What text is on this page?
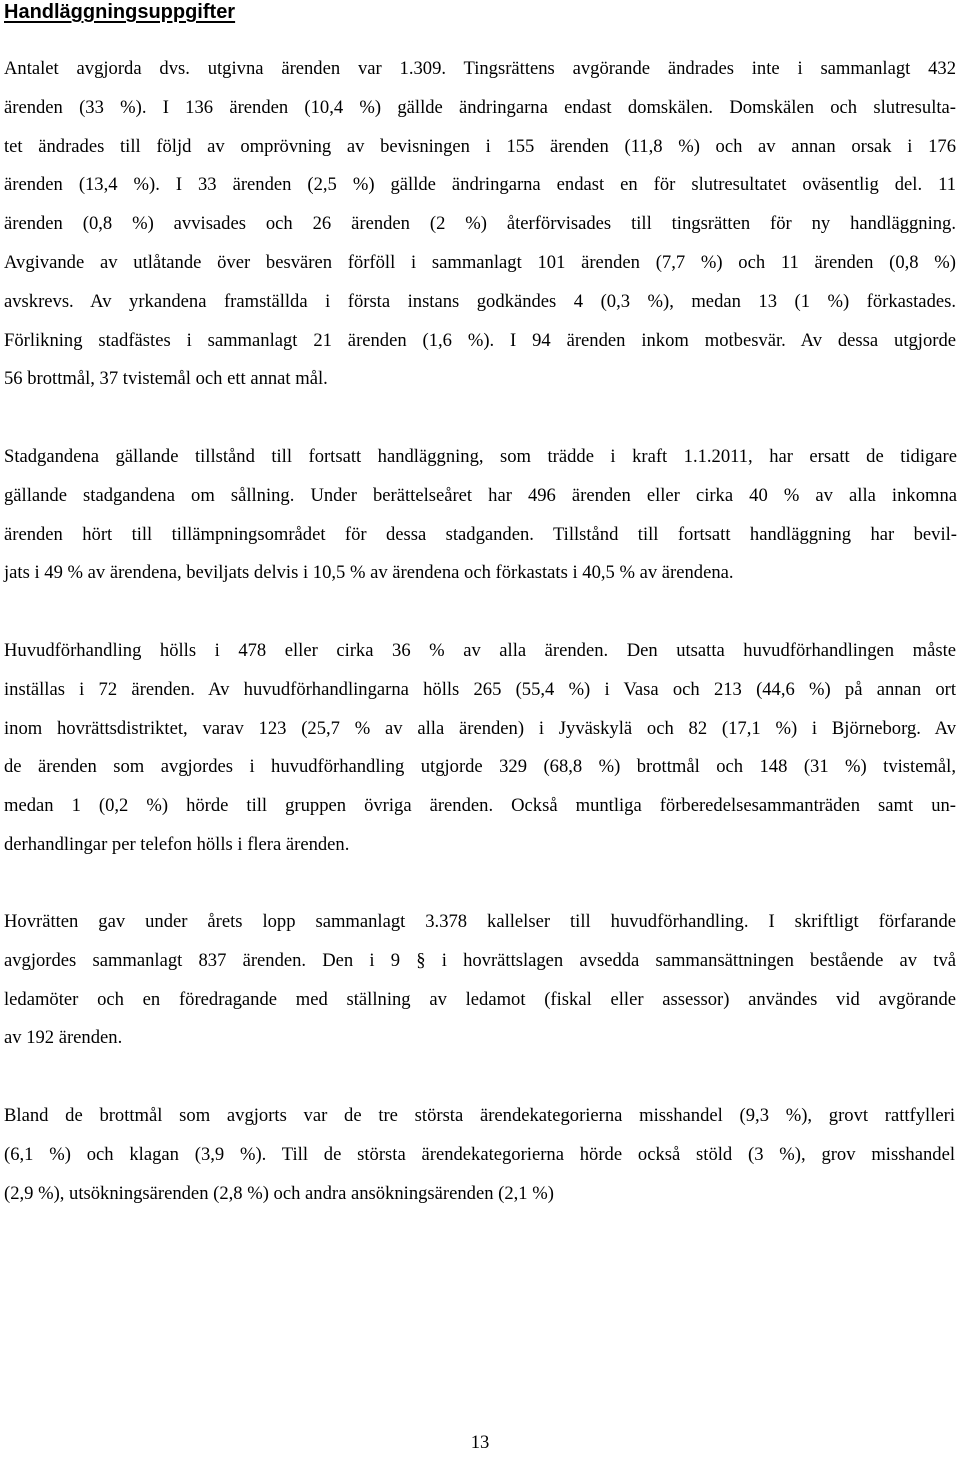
Handläggningsuppgifter
Antalet avgjorda dvs. utgivna ärenden var 1.309. Tingsrättens avgörande ändrades inte i sammanlagt 432
ärenden (33 %). I 136 ärenden (10,4 %) gällde ändringarna endast domskälen. Domskälen och slutresulta-
tet ändrades till följd av omprövning av bevisningen i 155 ärenden (11,8 %) och av annan orsak i 176
ärenden (13,4 %). I 33 ärenden (2,5 %) gällde ändringarna endast en för slutresultatet oväsentlig del. 11
ärenden (0,8 %) avvisades och 26 ärenden (2 %) återförvisades till tingsrätten för ny handläggning.
Avgivande av utlåtande över besvären förföll i sammanlagt 101 ärenden (7,7 %) och 11 ärenden (0,8 %)
avskrevs. Av yrkandena framställda i första instans godkändes 4 (0,3 %), medan 13 (1 %) förkastades.
Förlikning stadfästes i sammanlagt 21 ärenden (1,6 %). I 94 ärenden inkom motbesvär. Av dessa utgjorde
56 brottmål, 37 tvistemål och ett annat mål.
Stadgandena gällande tillstånd till fortsatt handläggning, som trädde i kraft 1.1.2011, har ersatt de tidigare
gällande stadgandena om sållning. Under berättelseåret har 496 ärenden eller cirka 40 % av alla inkomna
ärenden hört till tillämpningsområdet för dessa stadganden. Tillstånd till fortsatt handläggning har bevil-
jats i 49 % av ärendena, beviljats delvis i 10,5 % av ärendena och förkastats i 40,5 % av ärendena.
Huvudförhandling hölls i 478 eller cirka 36 % av alla ärenden. Den utsatta huvudförhandlingen måste
inställas i 72 ärenden. Av huvudförhandlingarna hölls 265 (55,4 %) i Vasa och 213 (44,6 %) på annan ort
inom hovrättsdistriktet, varav 123 (25,7 % av alla ärenden) i Jyväskylä och 82 (17,1 %) i Björneborg. Av
de ärenden som avgjordes i huvudförhandling utgjorde 329 (68,8 %) brottmål och 148 (31 %) tvistemål,
medan 1 (0,2 %) hörde till gruppen övriga ärenden. Också muntliga förberedelsesammanträden samt un-
derhandlingar per telefon hölls i flera ärenden.
Hovrätten gav under årets lopp sammanlagt 3.378 kallelser till huvudförhandling. I skriftligt förfarande
avgjordes sammanlagt 837 ärenden. Den i 9 § i hovrättslagen avsedda sammansättningen bestående av två
ledamöter och en föredragande med ställning av ledamot (fiskal eller assessor) användes vid avgörande
av 192 ärenden.
Bland de brottmål som avgjorts var de tre största ärendekategorierna misshandel (9,3 %), grovt rattfylleri
(6,1 %) och klagan (3,9 %). Till de största ärendekategorierna hörde också stöld (3 %), grov misshandel
(2,9 %), utsökningsärenden (2,8 %) och andra ansökningsärenden (2,1 %)
13
